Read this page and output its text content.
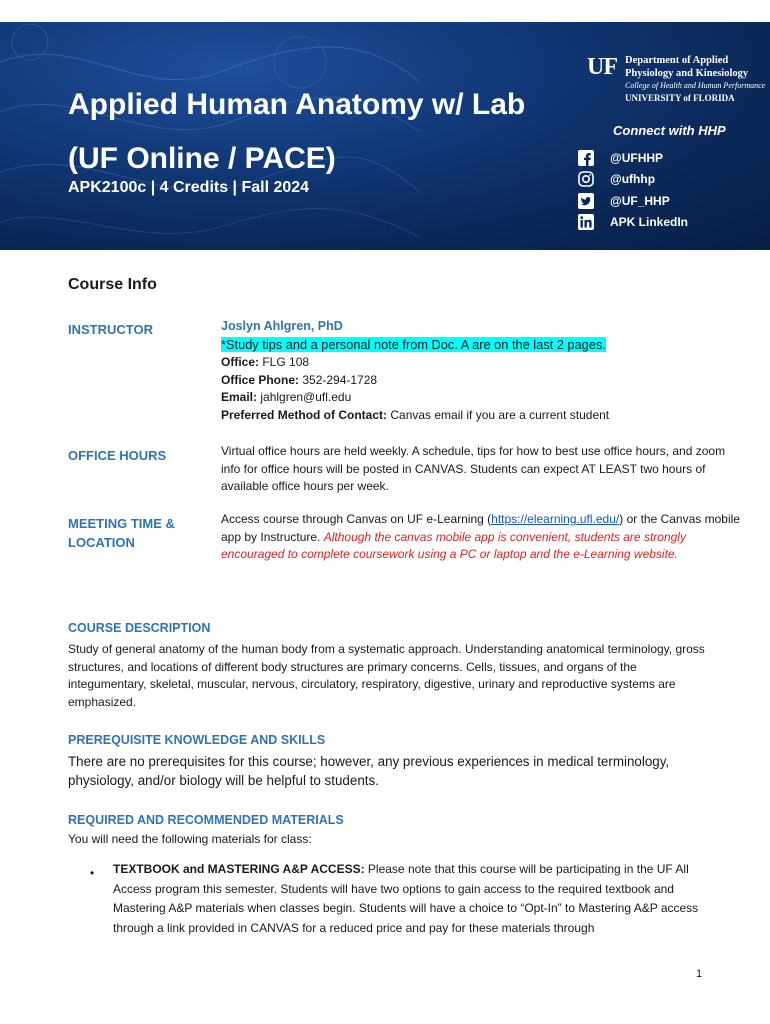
Applied Human Anatomy w/ Lab
(UF Online / PACE)
APK2100c | 4 Credits | Fall 2024
UF Department of Applied
Physiology and Kinesiology
College of Health and Human Performance
UNIVERSITY of FLORIDA
Connect with HHP
@UFHHP
@ufhhp
@UF_HHP
APK LinkedIn
Course Info
INSTRUCTOR	Joslyn Ahlgren, PhD
*Study tips and a personal note from Doc. A are on the last 2 pages.
Office: FLG 108
Office Phone: 352-294-1728
Email: jahlgren@ufl.edu
Preferred Method of Contact: Canvas email if you are a current student
OFFICE HOURS	Virtual office hours are held weekly. A schedule, tips for how to best use office hours, and zoom info for office hours will be posted in CANVAS. Students can expect AT LEAST two hours of available office hours per week.
MEETING TIME &
LOCATION
Access course through Canvas on UF e-Learning (https://elearning.ufl.edu/) or the Canvas mobile app by Instructure. Although the canvas mobile app is convenient, students are strongly encouraged to complete coursework using a PC or laptop and the e-Learning website.
COURSE DESCRIPTION
Study of general anatomy of the human body from a systematic approach. Understanding anatomical terminology, gross structures, and locations of different body structures are primary concerns. Cells, tissues, and organs of the integumentary, skeletal, muscular, nervous, circulatory, respiratory, digestive, urinary and reproductive systems are emphasized.
PREREQUISITE KNOWLEDGE AND SKILLS
There are no prerequisites for this course; however, any previous experiences in medical terminology, physiology, and/or biology will be helpful to students.
REQUIRED AND RECOMMENDED MATERIALS
You will need the following materials for class:
• TEXTBOOK and MASTERING A&P ACCESS: Please note that this course will be participating in the UF All Access program this semester. Students will have two options to gain access to the required textbook and Mastering A&P materials when classes begin. Students will have a choice to “Opt-In” to Mastering A&P access through a link provided in CANVAS for a reduced price and pay for these materials through
1
